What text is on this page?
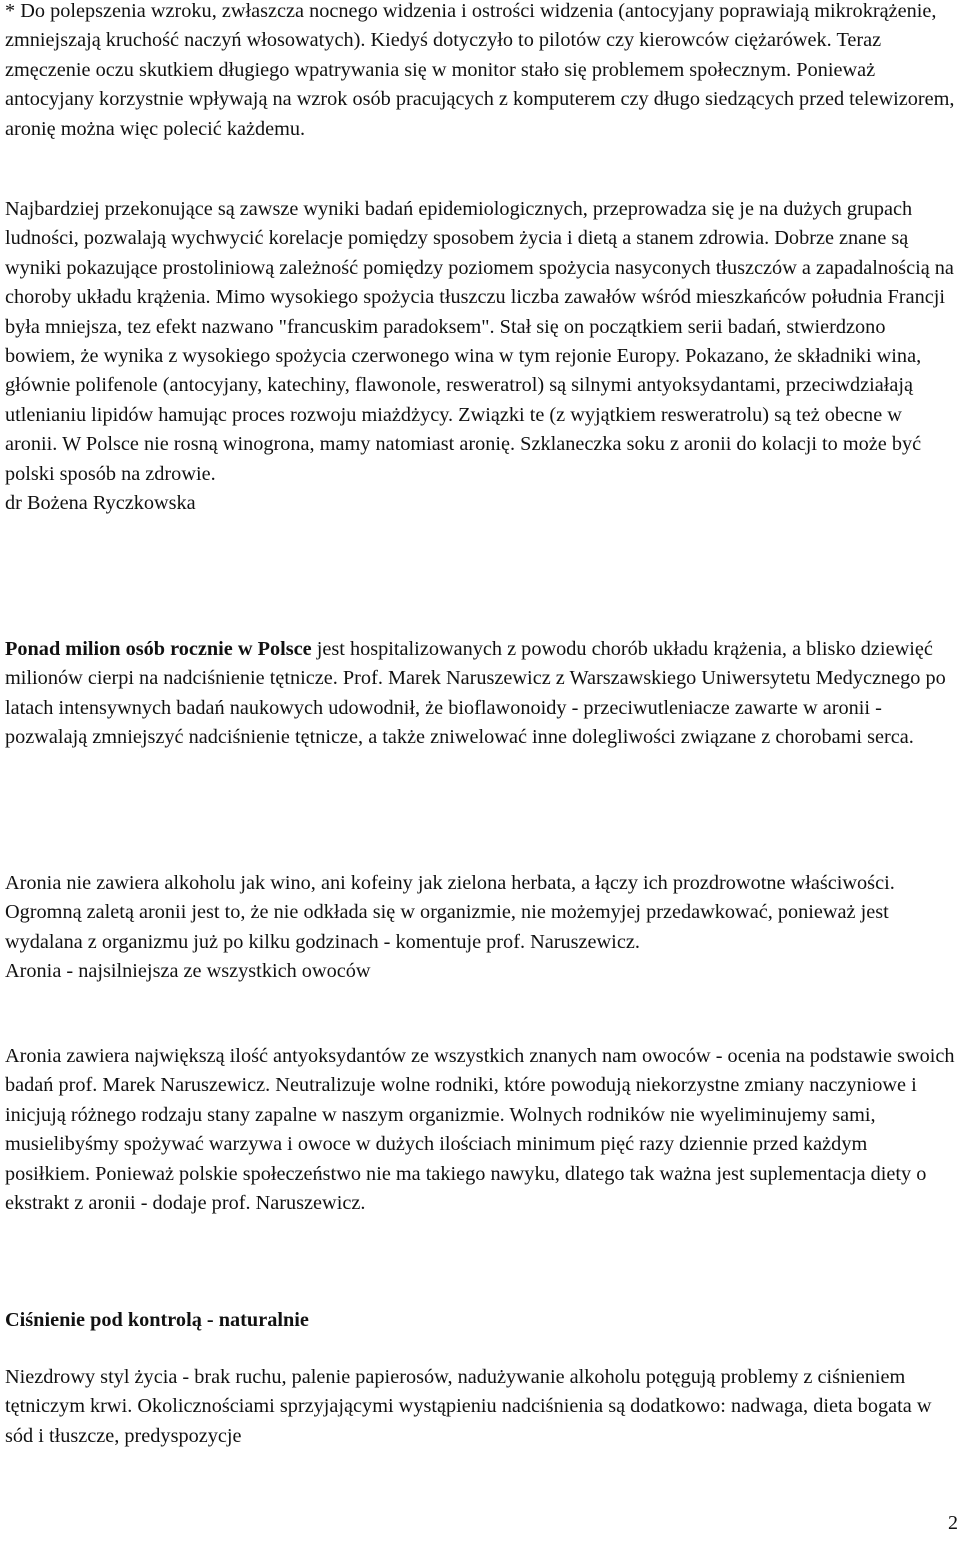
* Do polepszenia wzroku, zwłaszcza nocnego widzenia i ostrości widzenia (antocyjany poprawiają mikrokrążenie, zmniejszają kruchość naczyń włosowatych). Kiedyś dotyczyło to pilotów czy kierowców ciężarówek. Teraz zmęczenie oczu skutkiem długiego wpatrywania się w monitor stało się problemem społecznym. Ponieważ antocyjany korzystnie wpływają na wzrok osób pracujących z komputerem czy długo siedzących przed telewizorem, aronię można więc polecić każdemu.

Najbardziej przekonujące są zawsze wyniki badań epidemiologicznych, przeprowadza się je na dużych grupach ludności, pozwalają wychwycić korelacje pomiędzy sposobem życia i dietą a stanem zdrowia. Dobrze znane są wyniki pokazujące prostoliniową zależność pomiędzy poziomem spożycia nasyconych tłuszczów a zapadalnością na choroby układu krążenia. Mimo wysokiego spożycia tłuszczu liczba zawałów wśród mieszkańców południa Francji była mniejsza, tez efekt nazwano "francuskim paradoksem". Stał się on początkiem serii badań, stwierdzono bowiem, że wynika z wysokiego spożycia czerwonego wina w tym rejonie Europy. Pokazano, że składniki wina, głównie polifenole (antocyjany, katechiny, flawonole, resweratrol) są silnymi antyoksydantami, przeciwdziałają utlenianiu lipidów hamując proces rozwoju miażdżycy. Związki te (z wyjątkiem resweratrolu) są też obecne w aronii. W Polsce nie rosną winogrona, mamy natomiast aronię. Szklaneczka soku z aronii do kolacji to może być polski sposób na zdrowie.
dr Bożena Ryczkowska

Ponad milion osób rocznie w Polsce jest hospitalizowanych z powodu chorób układu krążenia, a blisko dziewięć milionów cierpi na nadciśnienie tętnicze. Prof. Marek Naruszewicz z Warszawskiego Uniwersytetu Medycznego po latach intensywnych badań naukowych udowodnił, że bioflawonoidy - przeciwutleniacze zawarte w aronii - pozwalają zmniejszyć nadciśnienie tętnicze, a także zniwelować inne dolegliwości związane z chorobami serca.

Aronia nie zawiera alkoholu jak wino, ani kofeiny jak zielona herbata, a łączy ich prozdrowotne właściwości. Ogromną zaletą aronii jest to, że nie odkłada się w organizmie, nie możemyjej przedawkować, ponieważ jest wydalana z organizmu już po kilku godzinach - komentuje prof. Naruszewicz.
Aronia - najsilniejsza ze wszystkich owoców

Aronia zawiera największą ilość antyoksydantów ze wszystkich znanych nam owoców - ocenia na podstawie swoich badań prof. Marek Naruszewicz. Neutralizuje wolne rodniki, które powodują niekorzystne zmiany naczyniowe i inicjują różnego rodzaju stany zapalne w naszym organizmie. Wolnych rodników nie wyeliminujemy sami, musielibyśmy spożywać warzywa i owoce w dużych ilościach minimum pięć razy dziennie przed każdym posiłkiem. Ponieważ polskie społeczeństwo nie ma takiego nawyku, dlatego tak ważna jest suplementacja diety o ekstrakt z aronii - dodaje prof. Naruszewicz.

Ciśnienie pod kontrolą - naturalnie

Niezdrowy styl życia - brak ruchu, palenie papierosów, nadużywanie alkoholu potęgują problemy z ciśnieniem tętniczym krwi. Okolicznościami sprzyjającymi wystąpieniu nadciśnienia są dodatkowo: nadwaga, dieta bogata w sód i tłuszcze, predyspozycje

2
